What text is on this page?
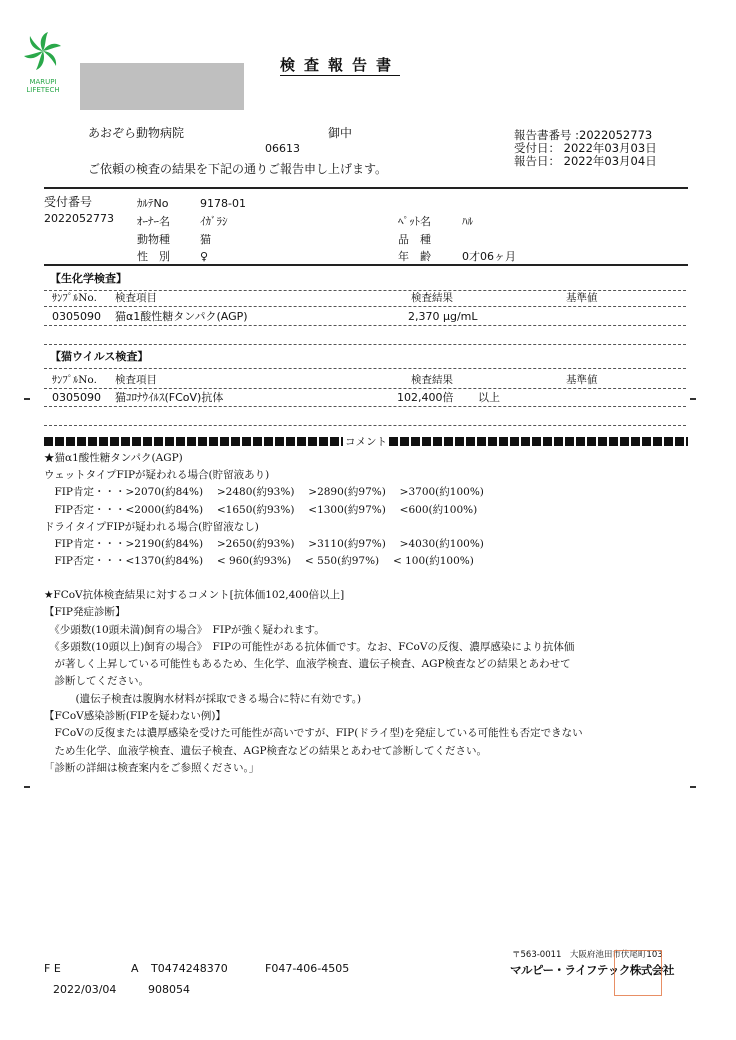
MARUPI
LIFETECH
検査報告書
あおぞら動物病院	御中
06613
報告書番号 :2022052773
受付日： 2022年03月03日
報告日： 2022年03月04日
ご依頼の検査の結果を下記の通りご報告申し上げます。
受付番号
2022052773
ｶﾙﾃNo	9178-01
ｵｰﾅｰ名	ｲｶﾞﾗｼ	ﾍﾟｯﾄ名	ﾊﾙ
動物種	猫	品　種
性　別	♀	年　齢	0才06ヶ月
【生化学検査】
ｻﾝﾌﾟﾙNo. 検査項目	検査結果	基準値
0305090 猫α1酸性糖タンパク(AGP)	2,370 μg/mL
【猫ウイルス検査】
ｻﾝﾌﾟﾙNo. 検査項目	検査結果	基準値
0305090 猫ｺﾛﾅｳｲﾙｽ(FCoV)抗体	102,400倍 以上
コメント
★猫α1酸性糖タンパク(AGP)
ウェットタイプFIPが疑われる場合(貯留液あり)
　FIP肯定・・・>2070(約84%)　 >2480(約93%)　 >2890(約97%)　 >3700(約100%)
　FIP否定・・・<2000(約84%)　 <1650(約93%)　 <1300(約97%)　 <600(約100%)
ドライタイプFIPが疑われる場合(貯留液なし)
　FIP肯定・・・>2190(約84%)　 >2650(約93%)　 >3110(約97%)　 >4030(約100%)
　FIP否定・・・<1370(約84%)　 < 960(約93%)　 < 550(約97%)　 < 100(約100%)
★FCoV抗体検査結果に対するコメント[抗体価102,400倍以上]
【FIP発症診断】
　《少頭数(10頭未満)飼育の場合》　FIPが強く疑われます。
　《多頭数(10頭以上)飼育の場合》　FIPの可能性がある抗体価です。なお、FCoVの反復、濃厚感染により抗体価
　が著しく上昇している可能性もあるため、生化学、血液学検査、遺伝子検査、AGP検査などの結果とあわせて
　診断してください。
　　　(遺伝子検査は腹胸水材料が採取できる場合に特に有効です。)
【FCoV感染診断(FIPを疑わない例)】
　FCoVの反復または濃厚感染を受けた可能性が高いですが、FIP(ドライ型)を発症している可能性も否定できない
　ため生化学、血液学検査、遺伝子検査、AGP検査などの結果とあわせて診断してください。
「診断の詳細は検査案内をご参照ください。」
F E	A T0474248370	F047-406-4505
2022/03/04	908054
〒563-0011　大阪府池田市伏尾町103
マルピー・ライフテック株式会社
